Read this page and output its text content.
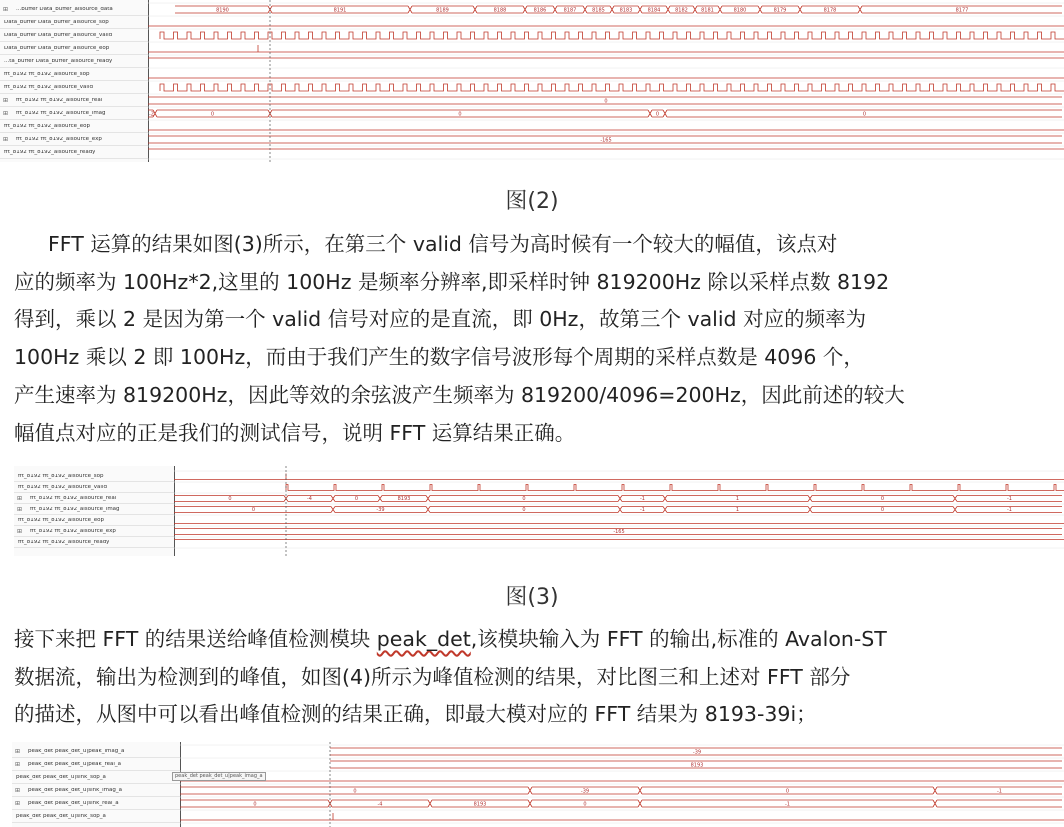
⊞ ...buffer Data_buffer_aisource_data
Data_buffer Data_buffer_aisource_sop
Data_buffer Data_buffer_aisource_valid
Data_buffer Data_buffer_aisource_eop
...ta_buffer Data_buffer_aisource_ready
fft_8192 fft_8192_aisource_sop
fft_8192 fft_8192_aisource_valid
⊞ fft_8192 fft_8192_aisource_real
⊞ fft_8192 fft_8192_aisource_imag
fft_8192 fft_8192_aisource_eop
⊞ fft_8192 fft_8192_aisource_exp
fft_8192 fft_8192_aisource_ready
8190	8191	8189	8188	8186	8187	8185	8183	8184	8182	8181	8180	8179	8178	8177
0
-2	0	0	0	0
-165
图(2)
FFT 运算的结果如图(3)所示，在第三个 valid 信号为高时候有一个较大的幅值，该点对
应的频率为 100Hz*2,这里的 100Hz 是频率分辨率,即采样时钟 819200Hz 除以采样点数 8192
得到，乘以 2 是因为第一个 valid 信号对应的是直流，即 0Hz，故第三个 valid 对应的频率为
100Hz 乘以 2 即 100Hz，而由于我们产生的数字信号波形每个周期的采样点数是 4096 个，
产生速率为 819200Hz，因此等效的余弦波产生频率为 819200/4096=200Hz，因此前述的较大
幅值点对应的正是我们的测试信号，说明 FFT 运算结果正确。
fft_8192 fft_8192_aisource_sop
fft_8192 fft_8192_aisource_valid
⊞ fft_8192 fft_8192_aisource_real
⊞ fft_8192 fft_8192_aisource_imag
fft_8192 fft_8192_aisource_eop
⊞ fft_8192 fft_8192_aisource_exp
fft_8192 fft_8192_aisource_ready
0	-4	0	8193	0	-1	1	0	-1
0	-39	0	-1	1	0	-1
-165
图(3)
接下来把 FFT 的结果送给峰值检测模块 peak_det,该模块输入为 FFT 的输出,标准的 Avalon-ST
数据流，输出为检测到的峰值，如图(4)所示为峰值检测的结果，对比图三和上述对 FFT 部分
的描述，从图中可以看出峰值检测的结果正确，即最大模对应的 FFT 结果为 8193-39i；
⊞ peak_det peak_det_u|peak_imag_a
⊞ peak_det peak_det_u|peak_real_a
peak_det peak_det_u|sink_sop_a
⊞ peak_det peak_det_u|sink_imag_a
⊞ peak_det peak_det_u|sink_real_a
peak_det peak_det_u|sink_sop_a
-39
8193
0	-39	0	-1
0	-4	8193	0	-1
peak_det peak_det_u|peak_imag_a
